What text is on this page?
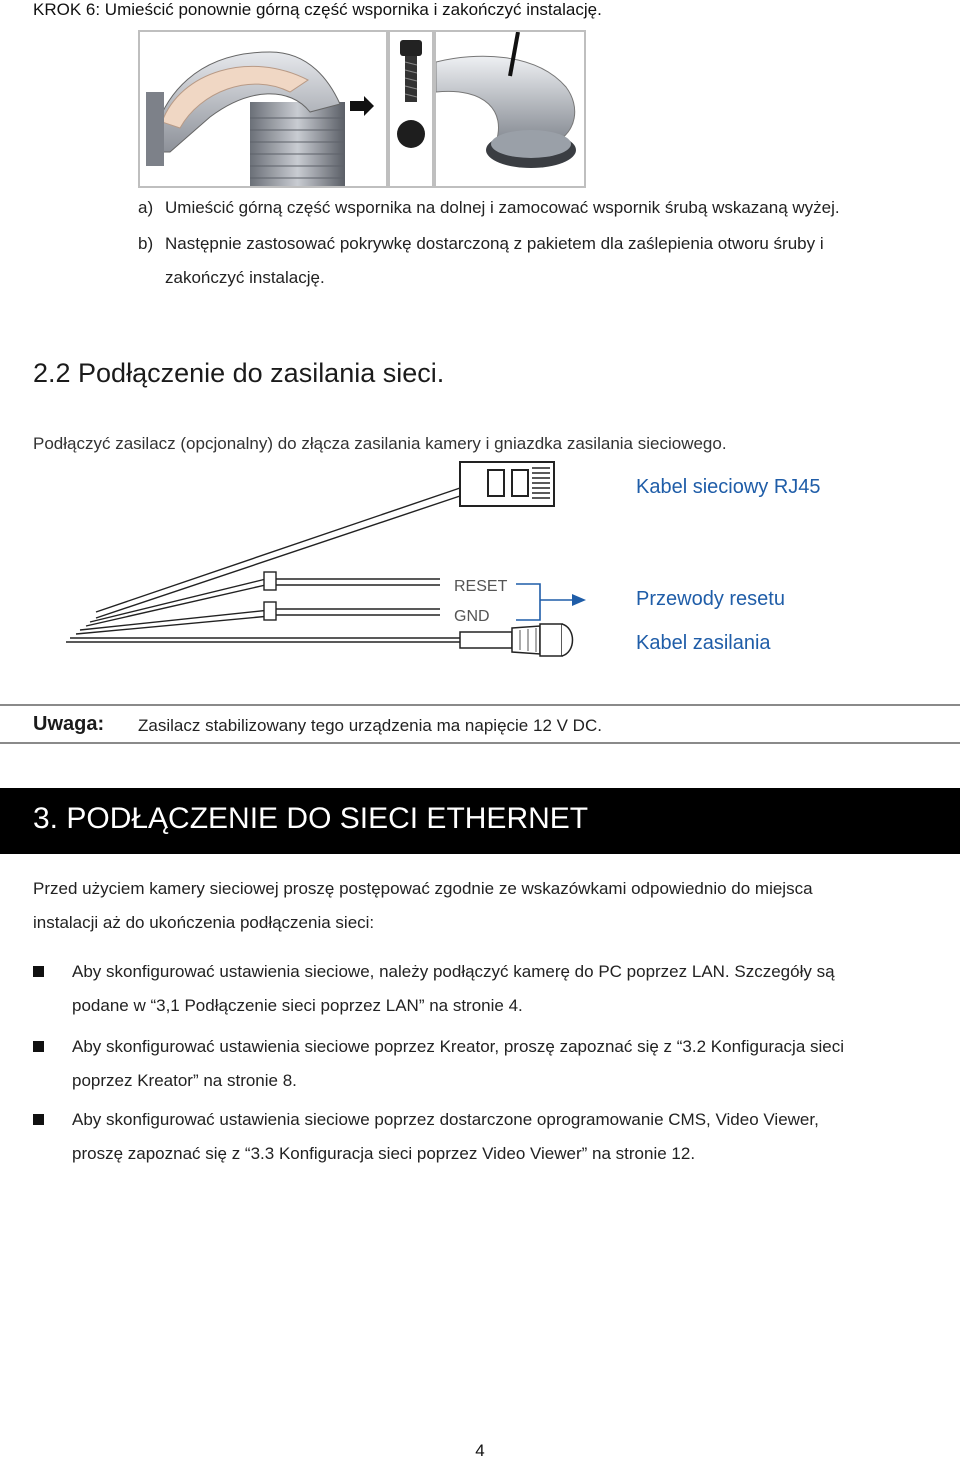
KROK 6: Umieścić ponownie górną część wspornika i zakończyć instalację.
a) Umieścić górną część wspornika na dolnej i zamocować wspornik śrubą wskazaną wyżej.
b) Następnie zastosować pokrywkę dostarczoną z pakietem dla zaślepienia otworu śruby i
zakończyć instalację.
2.2 Podłączenie do zasilania sieci.
Podłączyć zasilacz (opcjonalny) do złącza zasilania kamery i gniazdka zasilania sieciowego.
Kabel sieciowy RJ45
RESET
GND
Przewody resetu
Kabel zasilania
Uwaga: Zasilacz stabilizowany tego urządzenia ma napięcie 12 V DC.
3. PODŁĄCZENIE DO SIECI ETHERNET
Przed użyciem kamery sieciowej proszę postępować zgodnie ze wskazówkami odpowiednio do miejsca
instalacji aż do ukończenia podłączenia sieci:
Aby skonfigurować ustawienia sieciowe, należy podłączyć kamerę do PC poprzez LAN. Szczegóły są
podane w “3,1 Podłączenie sieci poprzez LAN” na stronie 4.
Aby skonfigurować ustawienia sieciowe poprzez Kreator, proszę zapoznać się z “3.2 Konfiguracja sieci
poprzez Kreator” na stronie 8.
Aby skonfigurować ustawienia sieciowe poprzez dostarczone oprogramowanie CMS, Video Viewer,
proszę zapoznać się z “3.3 Konfiguracja sieci poprzez Video Viewer” na stronie 12.
4
